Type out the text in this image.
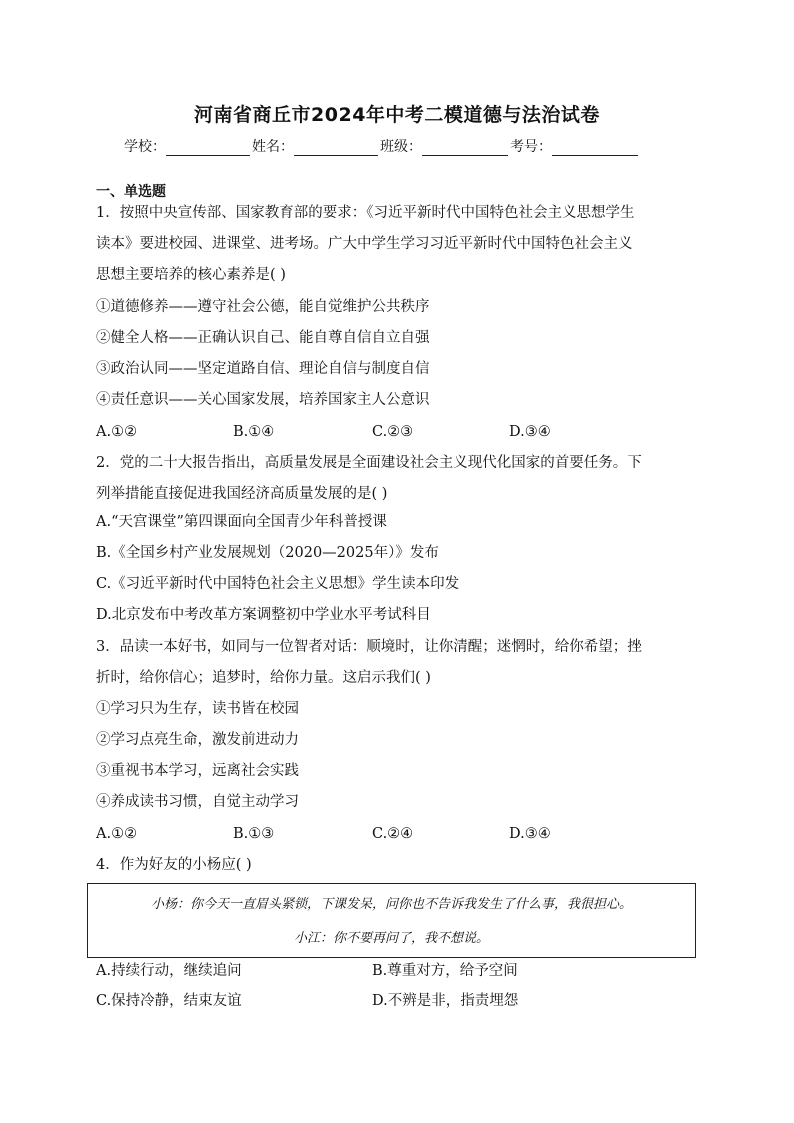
河南省商丘市2024年中考二模道德与法治试卷
学校：	姓名：	班级：	考号：
一、单选题
1．按照中央宣传部、国家教育部的要求：《习近平新时代中国特色社会主义思想学生
读本》要进校园、进课堂、进考场。广大中学生学习习近平新时代中国特色社会主义
思想主要培养的核心素养是( )
①道德修养——遵守社会公德，能自觉维护公共秩序
②健全人格——正确认识自己、能自尊自信自立自强
③政治认同——坚定道路自信、理论自信与制度自信
④责任意识——关心国家发展，培养国家主人公意识
A.①②	B.①④	C.②③	D.③④
2．党的二十大报告指出，高质量发展是全面建设社会主义现代化国家的首要任务。下
列举措能直接促进我国经济高质量发展的是( )
A.“天宫课堂”第四课面向全国青少年科普授课
B.《全国乡村产业发展规划（2020—2025年）》发布
C.《习近平新时代中国特色社会主义思想》学生读本印发
D.北京发布中考改革方案调整初中学业水平考试科目
3．品读一本好书，如同与一位智者对话：顺境时，让你清醒；迷惘时，给你希望；挫
折时，给你信心；追梦时，给你力量。这启示我们( )
①学习只为生存，读书皆在校园
②学习点亮生命，激发前进动力
③重视书本学习，远离社会实践
④养成读书习惯，自觉主动学习
A.①②	B.①③	C.②④	D.③④
4．作为好友的小杨应( )
小杨：你今天一直眉头紧锁，下课发呆，问你也不告诉我发生了什么事，我很担心。
小江：你不要再问了，我不想说。
A.持续行动，继续追问	B.尊重对方，给予空间
C.保持冷静，结束友谊	D.不辨是非，指责埋怨
